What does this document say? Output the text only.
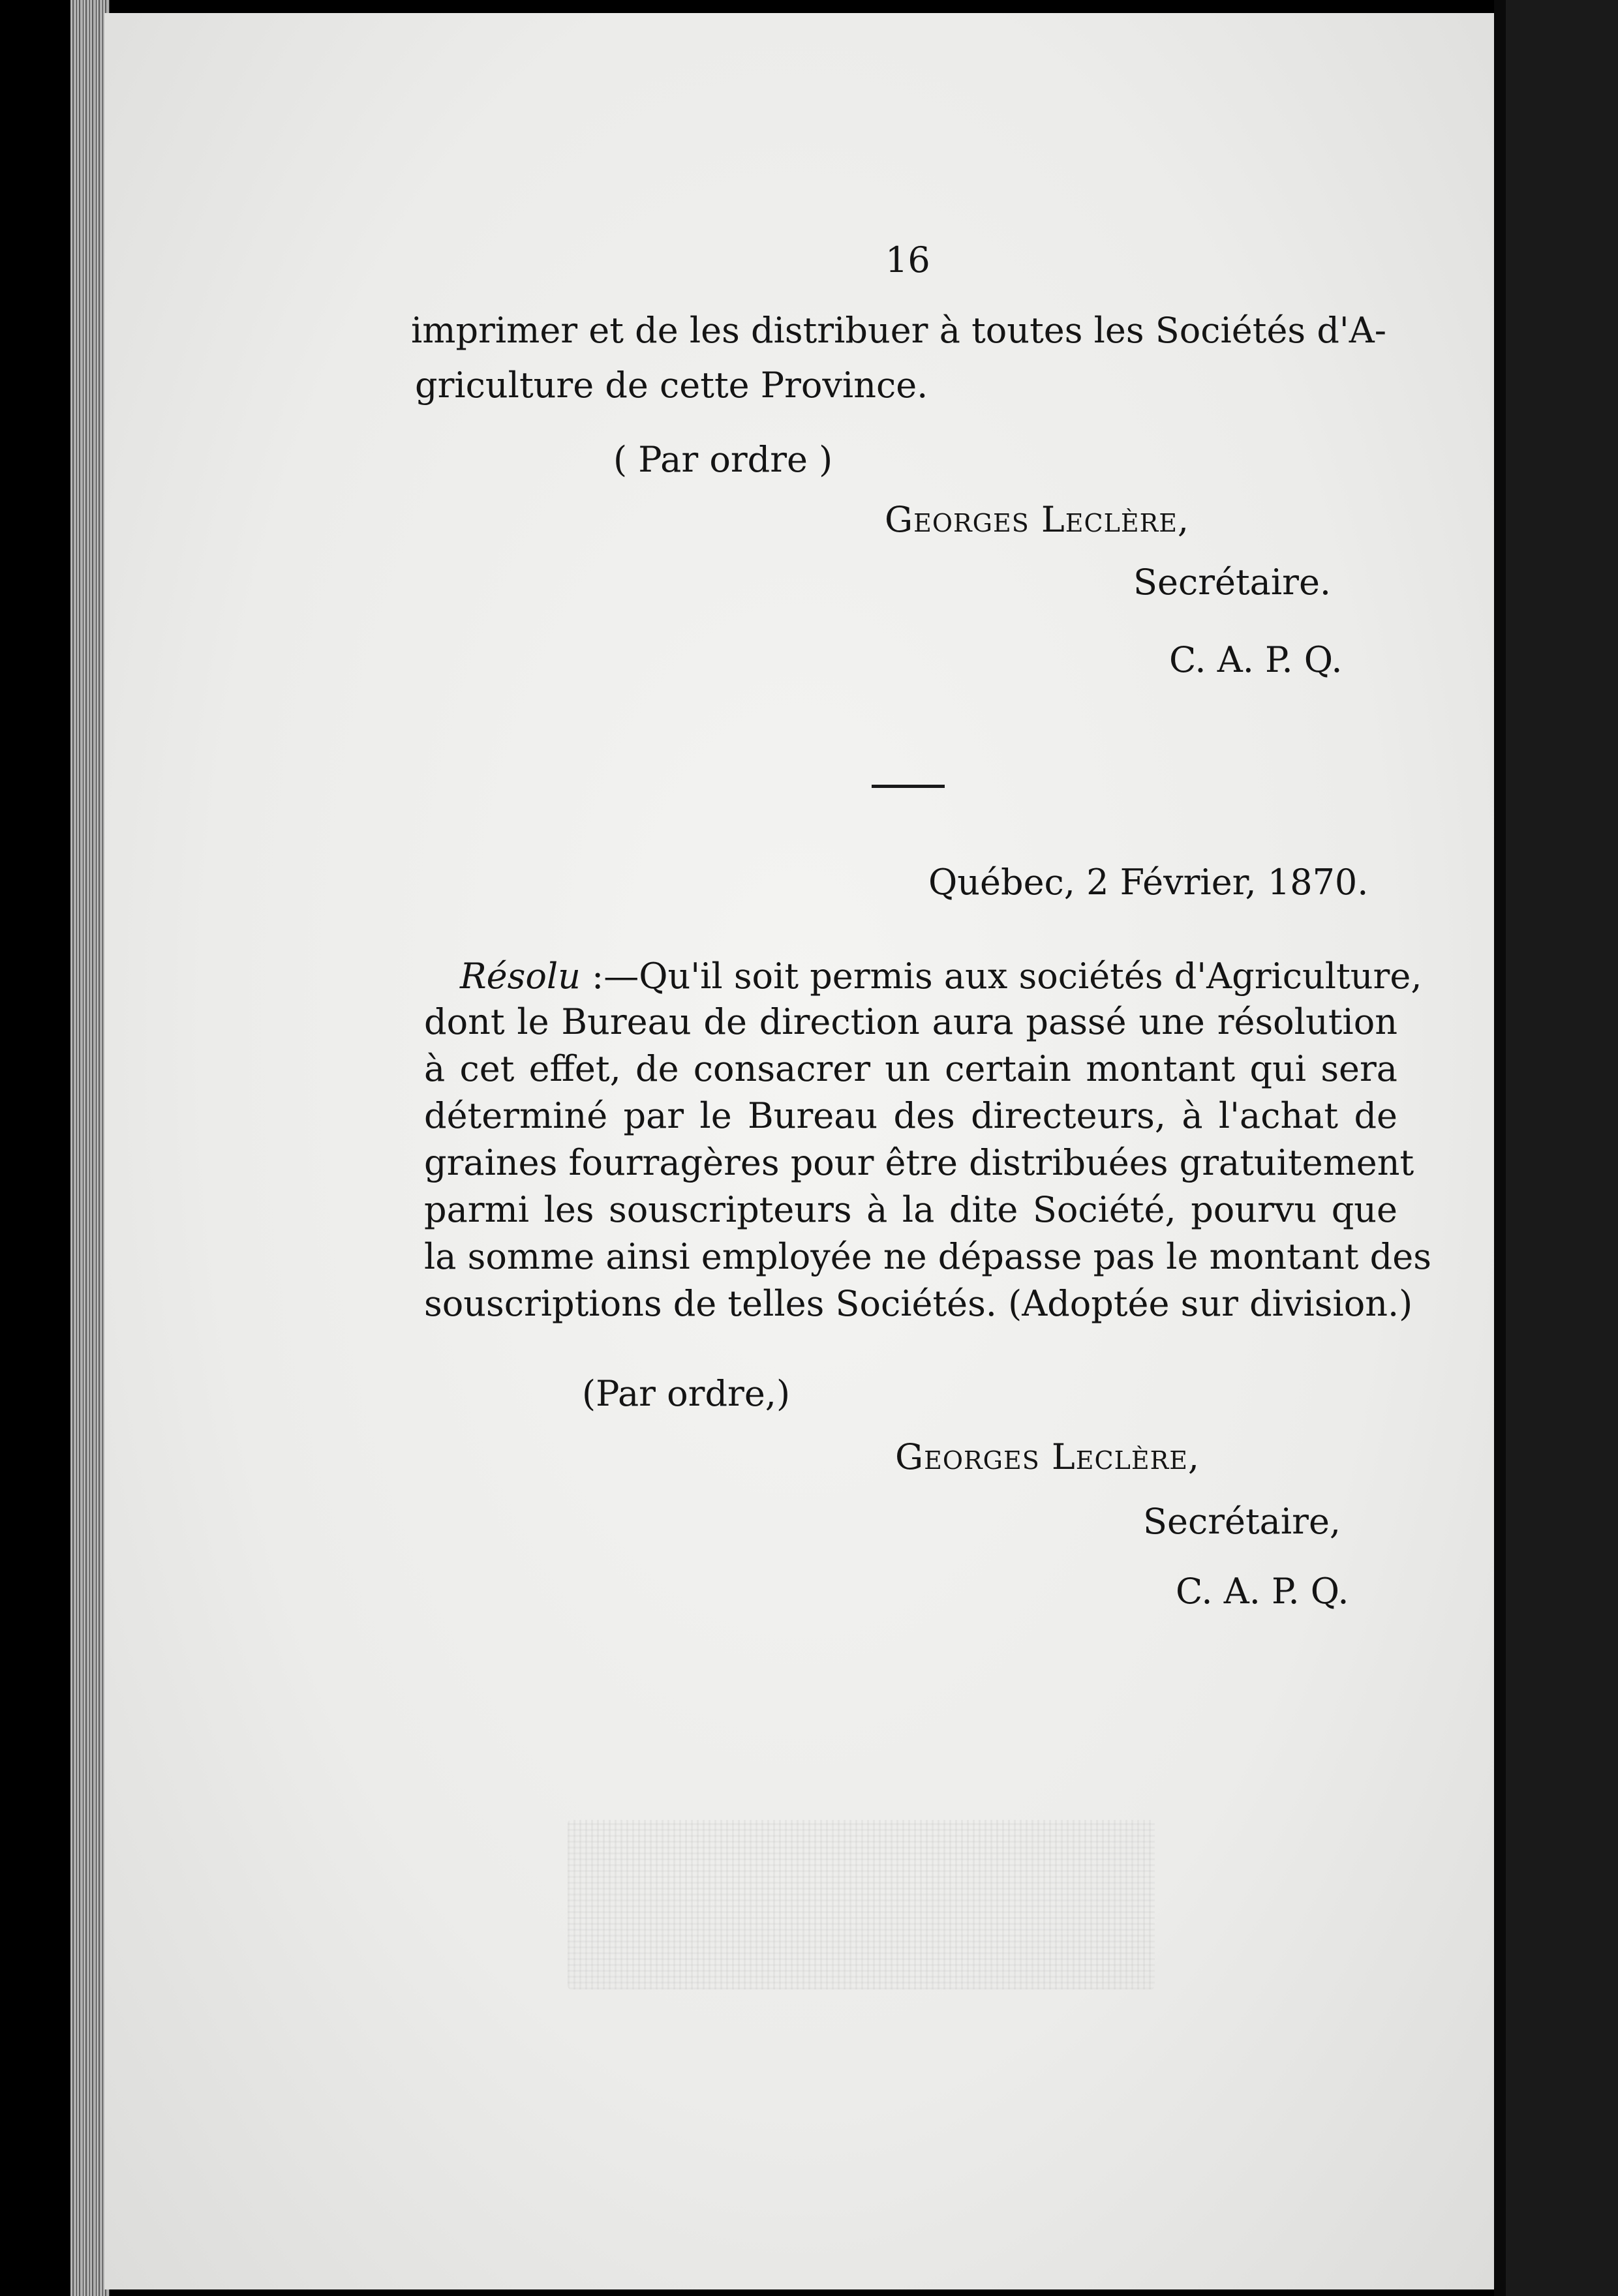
16
imprimer et de les distribuer à toutes les Sociétés d'A-
griculture de cette Province.
( Par ordre )
Georges Leclère,
Secrétaire.
C. A. P. Q.
Québec, 2 Février, 1870.
Résolu :—Qu'il soit permis aux sociétés d'Agriculture,
dont le Bureau de direction aura passé une résolution
à cet effet, de consacrer un certain montant qui sera
déterminé par le Bureau des directeurs, à l'achat de
graines fourragères pour être distribuées gratuitement
parmi les souscripteurs à la dite Société, pourvu que
la somme ainsi employée ne dépasse pas le montant des
souscriptions de telles Sociétés. (Adoptée sur division.)
(Par ordre,)
Georges Leclère,
Secrétaire,
C. A. P. Q.
